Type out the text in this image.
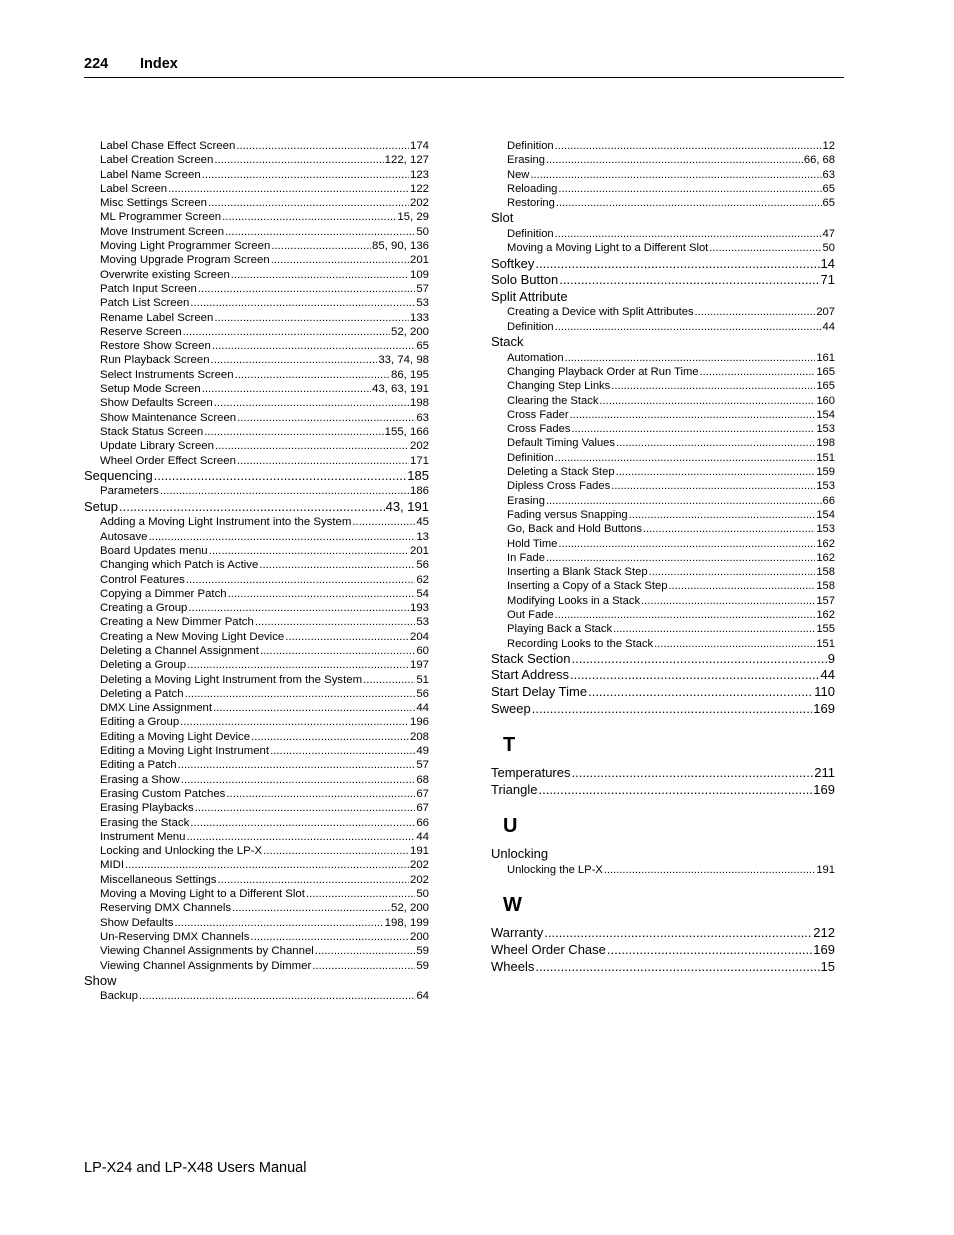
224 Index
Label Chase Effect Screen .....	174
Label Creation Screen .....	122, 127
Label Name Screen .....	123
Label Screen .....	122
Misc Settings Screen .....	202
ML Programmer Screen .....	15, 29
Move Instrument Screen .....	50
Moving Light Programmer Screen .....	85, 90, 136
Moving Upgrade Program Screen .....	201
Overwrite existing Screen .....	109
Patch Input Screen .....	57
Patch List Screen .....	53
Rename Label Screen .....	133
Reserve Screen .....	52, 200
Restore Show Screen .....	65
Run Playback Screen .....	33, 74, 98
Select Instruments Screen .....	86, 195
Setup Mode Screen .....	43, 63, 191
Show Defaults Screen .....	198
Show Maintenance Screen .....	63
Stack Status Screen .....	155, 166
Update Library Screen .....	202
Wheel Order Effect Screen .....	171
Sequencing .....	185
Parameters .....	186
Setup .....	43, 191
Adding a Moving Light Instrument into the System .....	45
Autosave .....	13
Board Updates menu .....	201
Changing which Patch is Active .....	56
Control Features .....	62
Copying a Dimmer Patch .....	54
Creating a Group .....	193
Creating a New Dimmer Patch .....	53
Creating a New Moving Light Device .....	204
Deleting a Channel Assignment .....	60
Deleting a Group .....	197
Deleting a Moving Light Instrument from the System .....	51
Deleting a Patch .....	56
DMX Line Assignment .....	44
Editing a Group .....	196
Editing a Moving Light Device .....	208
Editing a Moving Light Instrument .....	49
Editing a Patch .....	57
Erasing a Show .....	68
Erasing Custom Patches .....	67
Erasing Playbacks .....	67
Erasing the Stack .....	66
Instrument Menu .....	44
Locking and Unlocking the LP-X .....	191
MIDI .....	202
Miscellaneous Settings .....	202
Moving a Moving Light to a Different Slot .....	50
Reserving DMX Channels .....	52, 200
Show Defaults .....	198, 199
Un-Reserving DMX Channels .....	200
Viewing Channel Assignments by Channel .....	59
Viewing Channel Assignments by Dimmer .....	59
Show
Backup .....	64
Definition .....	12
Erasing .....	66, 68
New .....	63
Reloading .....	65
Restoring .....	65
Slot
Definition .....	47
Moving a Moving Light to a Different Slot .....	50
Softkey .....	14
Solo Button .....	71
Split Attribute
Creating a Device with Split Attributes .....	207
Definition .....	44
Stack
Automation .....	161
Changing Playback Order at Run Time .....	165
Changing Step Links .....	165
Clearing the Stack .....	160
Cross Fader .....	154
Cross Fades .....	153
Default Timing Values .....	198
Definition .....	151
Deleting a Stack Step .....	159
Dipless Cross Fades .....	153
Erasing .....	66
Fading versus Snapping .....	154
Go, Back and Hold Buttons .....	153
Hold Time .....	162
In Fade .....	162
Inserting a Blank Stack Step .....	158
Inserting a Copy of a Stack Step .....	158
Modifying Looks in a Stack .....	157
Out Fade .....	162
Playing Back a Stack .....	155
Recording Looks to the Stack .....	151
Stack Section .....	9
Start Address .....	44
Start Delay Time .....	110
Sweep .....	169
T
Temperatures .....	211
Triangle .....	169
U
Unlocking
Unlocking the LP-X .....	191
W
Warranty .....	212
Wheel Order Chase .....	169
Wheels .....	15
LP-X24 and LP-X48 Users Manual
